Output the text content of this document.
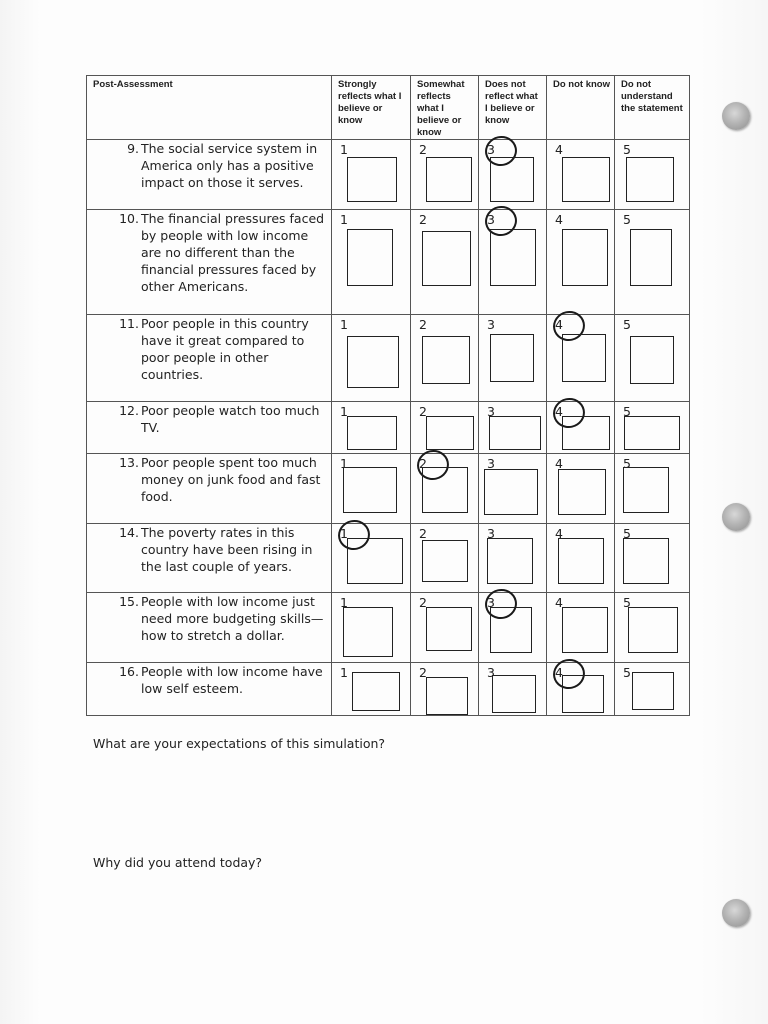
Post-Assessment	Strongly reflects what I believe or know	Somewhat reflects what I believe or know	Does not reflect what I believe or know	Do not know	Do not understand the statement

9. The social service system in America only has a positive impact on those it serves.	1	2	3	4	5

10. The financial pressures faced by people with low income are no different than the financial pressures faced by other Americans.	1	2	3	4	5

11. Poor people in this country have it great compared to poor people in other countries.	1	2	3	4	5

12. Poor people watch too much TV.	1	2	3	4	5

13. Poor people spent too much money on junk food and fast food.	1	2	3	4	5

14. The poverty rates in this country have been rising in the last couple of years.	1	2	3	4	5

15. People with low income just need more budgeting skills—how to stretch a dollar.	1	2	3	4	5

16. People with low income have low self esteem.	1	2	3	4	5
What are your expectations of this simulation?
Why did you attend today?
